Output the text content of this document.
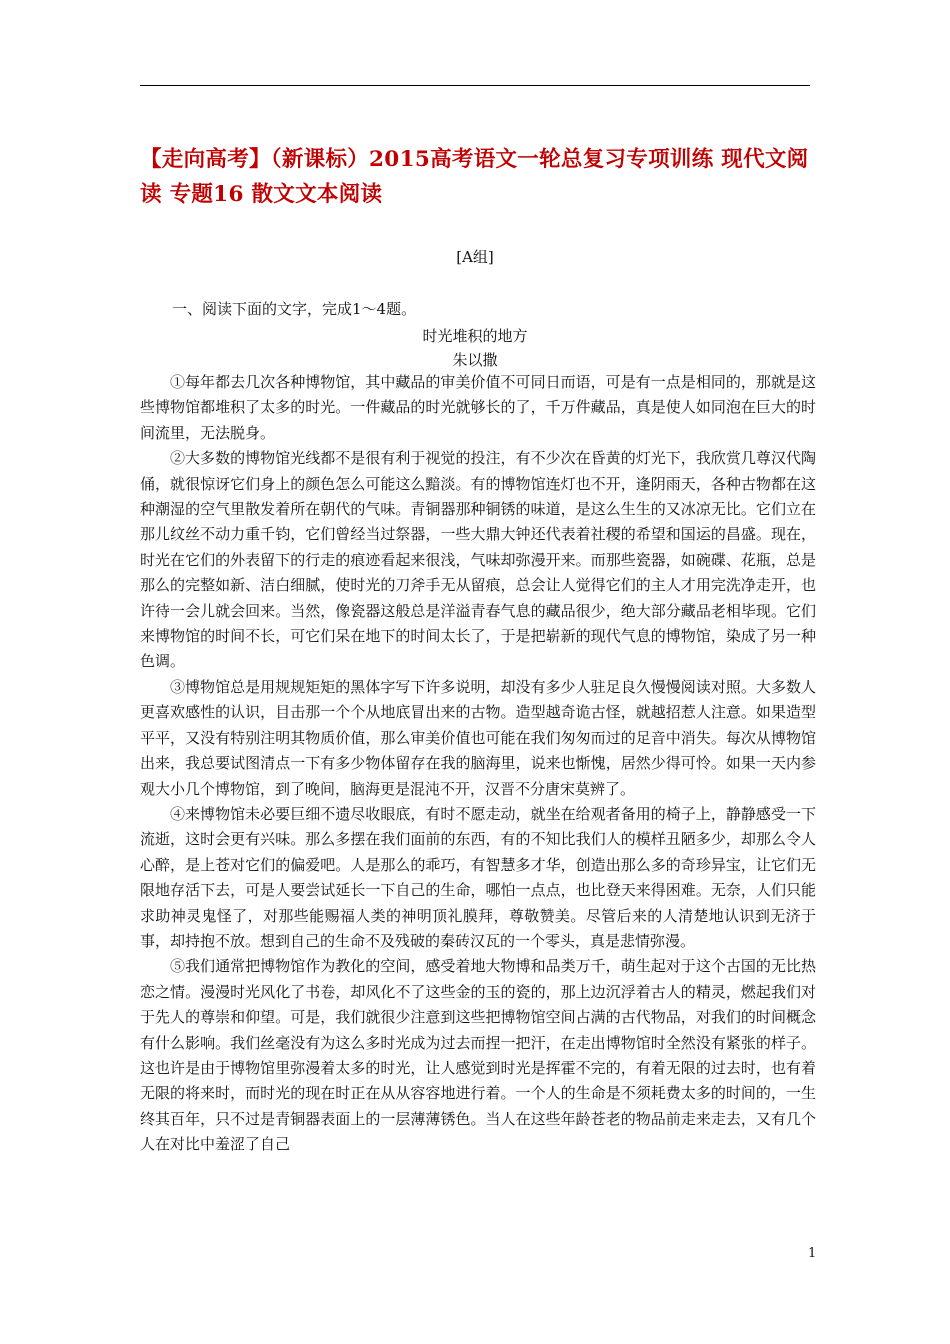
【走向高考】（新课标）2015高考语文一轮总复习专项训练 现代文阅读 专题16 散文文本阅读
[A组]
一、阅读下面的文字，完成1～4题。
时光堆积的地方
朱以撒

①每年都去几次各种博物馆，其中藏品的审美价值不可同日而语，可是有一点是相同的，那就是这些博物馆都堆积了太多的时光。一件藏品的时光就够长的了，千万件藏品，真是使人如同泡在巨大的时间流里，无法脱身。

②大多数的博物馆光线都不是很有利于视觉的投注，有不少次在昏黄的灯光下，我欣赏几尊汉代陶俑，就很惊讶它们身上的颜色怎么可能这么黯淡。有的博物馆连灯也不开，逢阴雨天，各种古物都在这种潮湿的空气里散发着所在朝代的气味。青铜器那种铜锈的味道，是这么生生的又冰凉无比。它们立在那儿纹丝不动力重千钧，它们曾经当过祭器，一些大鼎大钟还代表着社稷的希望和国运的昌盛。现在，时光在它们的外表留下的行走的痕迹看起来很浅，气味却弥漫开来。而那些瓷器，如碗碟、花瓶，总是那么的完整如新、洁白细腻，使时光的刀斧手无从留痕，总会让人觉得它们的主人才用完洗净走开，也许待一会儿就会回来。当然，像瓷器这般总是洋溢青春气息的藏品很少，绝大部分藏品老相毕现。它们来博物馆的时间不长，可它们呆在地下的时间太长了，于是把崭新的现代气息的博物馆，染成了另一种色调。

③博物馆总是用规规矩矩的黑体字写下许多说明，却没有多少人驻足良久慢慢阅读对照。大多数人更喜欢感性的认识，目击那一个个从地底冒出来的古物。造型越奇诡古怪，就越招惹人注意。如果造型平平，又没有特别注明其物质价值，那么审美价值也可能在我们匆匆而过的足音中消失。每次从博物馆出来，我总要试图清点一下有多少物体留存在我的脑海里，说来也惭愧，居然少得可怜。如果一天内参观大小几个博物馆，到了晚间，脑海更是混沌不开，汉晋不分唐宋莫辨了。

④来博物馆未必要巨细不遗尽收眼底，有时不愿走动，就坐在给观者备用的椅子上，静静感受一下流逝，这时会更有兴味。那么多摆在我们面前的东西，有的不知比我们人的模样丑陋多少，却那么令人心醉，是上苍对它们的偏爱吧。人是那么的乖巧，有智慧多才华，创造出那么多的奇珍异宝，让它们无限地存活下去，可是人要尝试延长一下自己的生命，哪怕一点点，也比登天来得困难。无奈，人们只能求助神灵鬼怪了，对那些能赐福人类的神明顶礼膜拜，尊敬赞美。尽管后来的人清楚地认识到无济于事，却持抱不放。想到自己的生命不及残破的秦砖汉瓦的一个零头，真是悲情弥漫。

⑤我们通常把博物馆作为教化的空间，感受着地大物博和品类万千，萌生起对于这个古国的无比热恋之情。漫漫时光风化了书卷，却风化不了这些金的玉的瓷的，那上边沉浮着古人的精灵，燃起我们对于先人的尊崇和仰望。可是，我们就很少注意到这些把博物馆空间占满的古代物品，对我们的时间概念有什么影响。我们丝毫没有为这么多时光成为过去而捏一把汗，在走出博物馆时全然没有紧张的样子。这也许是由于博物馆里弥漫着太多的时光，让人感觉到时光是挥霍不完的，有着无限的过去时，也有着无限的将来时，而时光的现在时正在从从容容地进行着。一个人的生命是不须耗费太多的时间的，一生终其百年，只不过是青铜器表面上的一层薄薄锈色。当人在这些年龄苍老的物品前走来走去，又有几个人在对比中羞涩了自己

1
